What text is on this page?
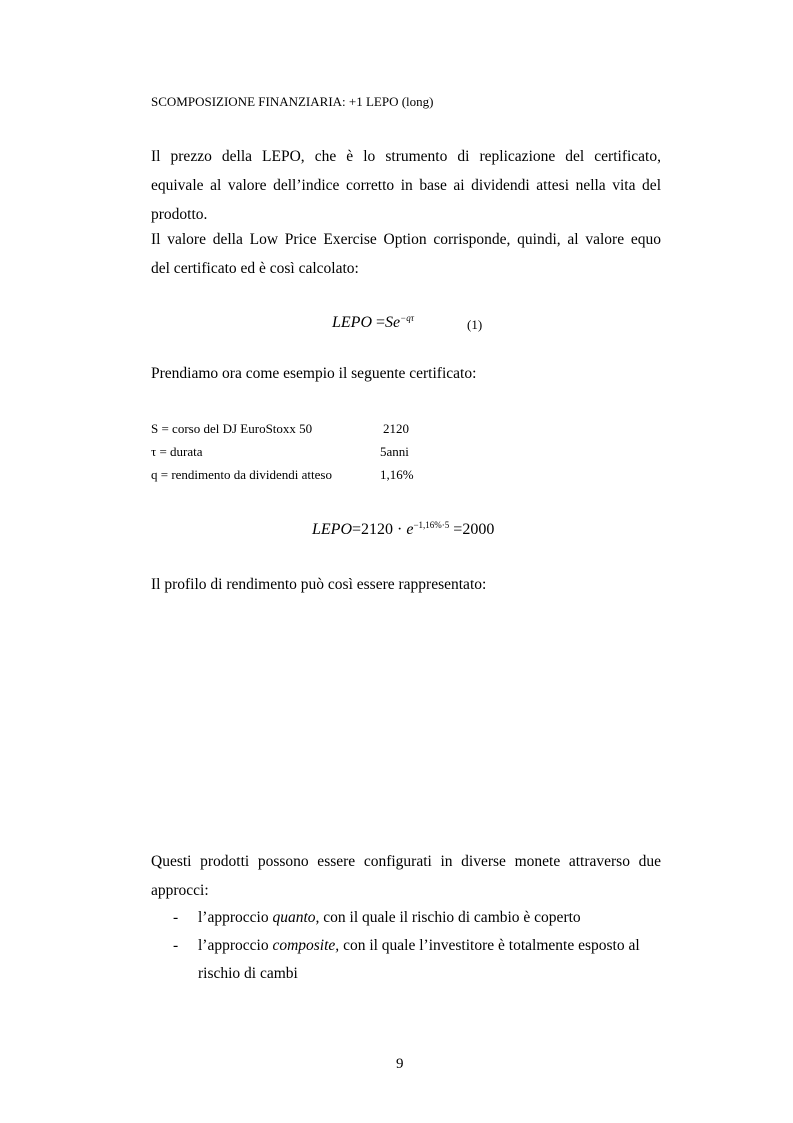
SCOMPOSIZIONE FINANZIARIA: +1 LEPO (long)
Il prezzo della LEPO, che è lo strumento di replicazione del certificato,
equivale al valore dell’indice corretto in base ai dividendi attesi nella vita del
prodotto.
Il valore della Low Price Exercise Option corrisponde, quindi, al valore equo
del certificato ed è così calcolato:
LEPO $=Se^{-q\tau}$	(1)
Prendiamo ora come esempio il seguente certificato:
S = corso del DJ EuroStoxx 50	2120
τ = durata	5anni
q = rendimento da dividendi atteso	1,16%
LEPO=2120 · $e^{-1,16\%\cdot 5} =2000$
Il profilo di rendimento può così essere rappresentato:
Questi prodotti possono essere configurati in diverse monete attraverso due
approcci:
- l’approccio quanto, con il quale il rischio di cambio è coperto
- l’approccio composite, con il quale l’investitore è totalmente esposto al
rischio di cambi
9
